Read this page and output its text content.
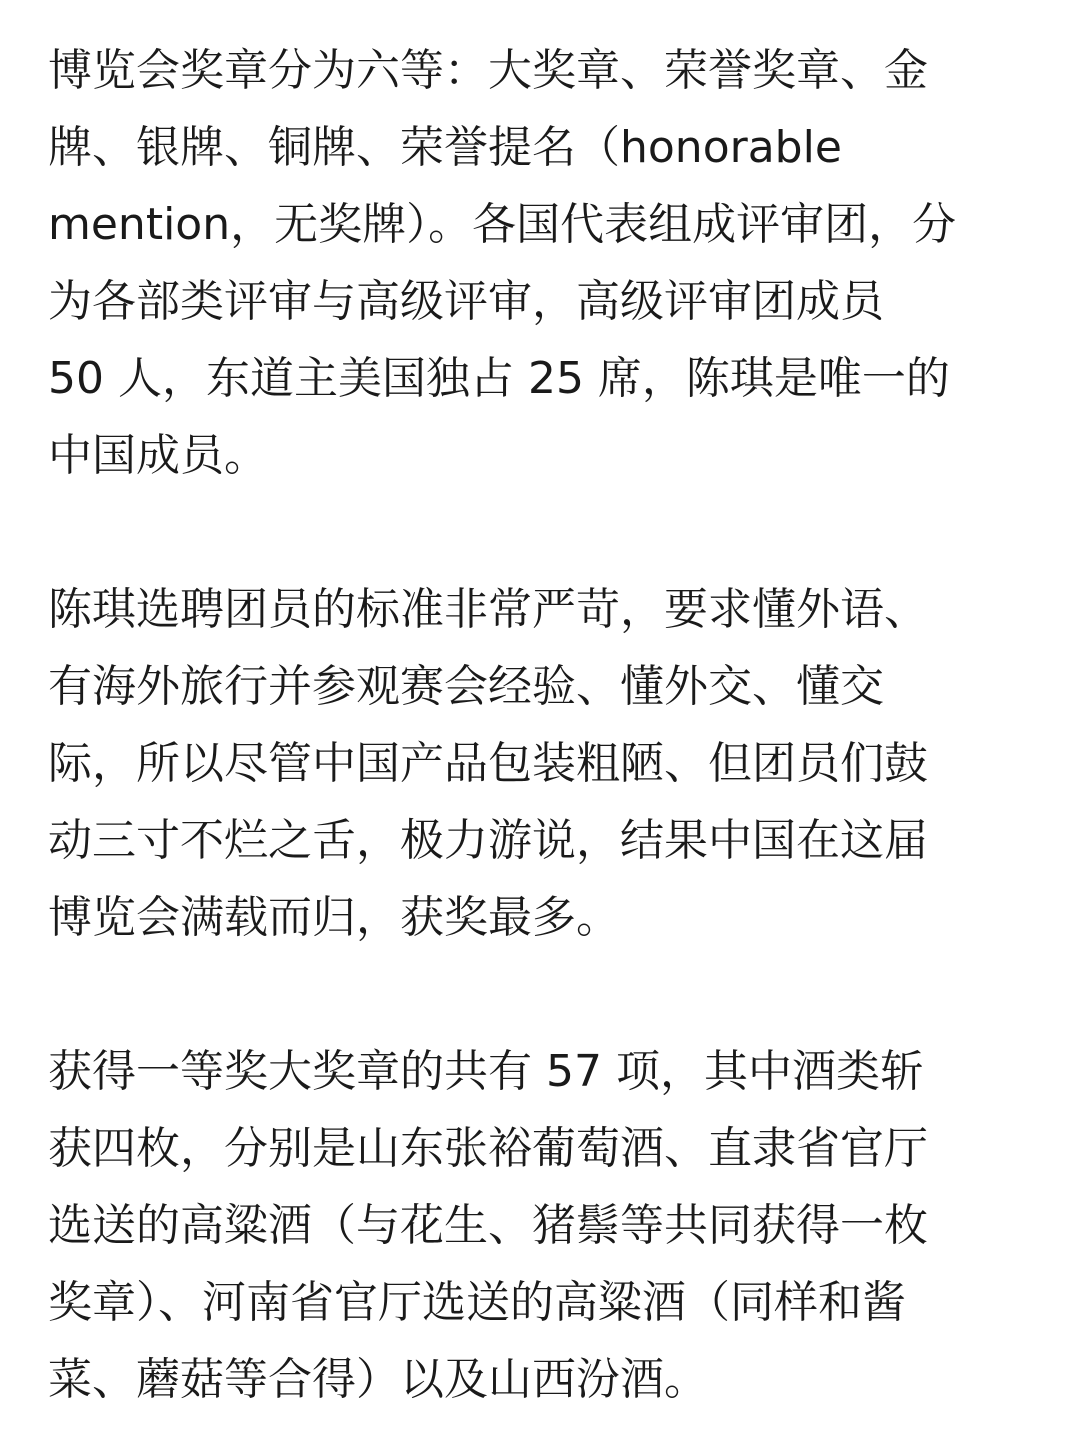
博览会奖章分为六等：大奖章、荣誉奖章、金
牌、银牌、铜牌、荣誉提名（honorable
mention，无奖牌）。各国代表组成评审团，分
为各部类评审与高级评审，高级评审团成员
50 人，东道主美国独占 25 席，陈琪是唯一的
中国成员。
陈琪选聘团员的标准非常严苛，要求懂外语、
有海外旅行并参观赛会经验、懂外交、懂交
际，所以尽管中国产品包装粗陋、但团员们鼓
动三寸不烂之舌，极力游说，结果中国在这届
博览会满载而归，获奖最多。
获得一等奖大奖章的共有 57 项，其中酒类斩
获四枚，分别是山东张裕葡萄酒、直隶省官厅
选送的高粱酒（与花生、猪鬃等共同获得一枚
奖章）、河南省官厅选送的高粱酒（同样和酱
菜、蘑菇等合得）以及山西汾酒。
